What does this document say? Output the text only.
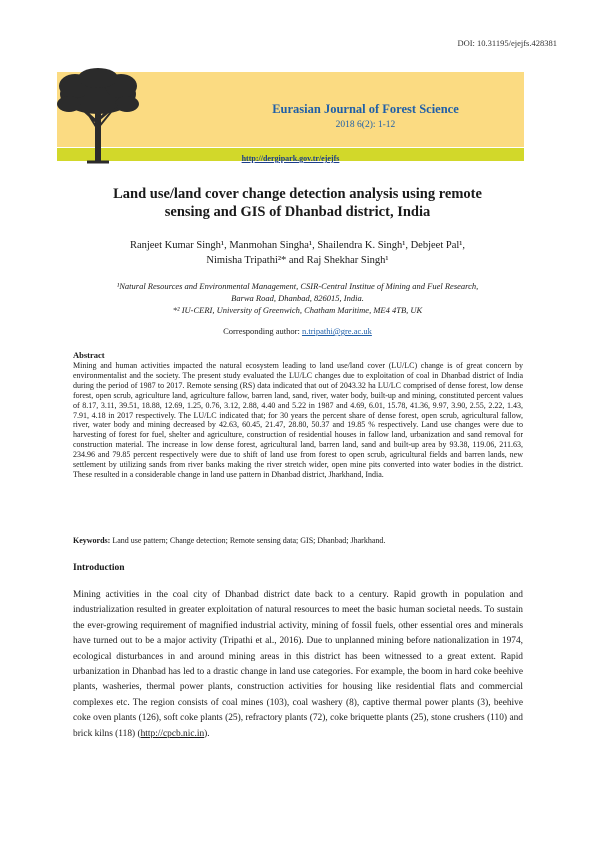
DOI: 10.31195/ejejfs.428381
Eurasian Journal of Forest Science
2018 6(2): 1-12
http://dergipark.gov.tr/ejejfs
Land use/land cover change detection analysis using remote
sensing and GIS of Dhanbad district, India
Ranjeet Kumar Singh¹, Manmohan Singha¹, Shailendra K. Singh¹, Debjeet Pal¹,
Nimisha Tripathi²* and Raj Shekhar Singh¹
¹Natural Resources and Environmental Management, CSIR-Central Institue of Mining and Fuel Research,
Barwa Road, Dhanbad, 826015, India.
*² IU-CERI, University of Greenwich, Chatham Maritime, ME4 4TB, UK
Corresponding author: n.tripathi@gre.ac.uk
Abstract
Mining and human activities impacted the natural ecosystem leading to land use/land cover (LU/LC) change is of great concern by environmentalist and the society. The present study evaluated the LU/LC changes due to exploitation of coal in Dhanbad district of India during the period of 1987 to 2017. Remote sensing (RS) data indicated that out of 2043.32 ha LU/LC comprised of dense forest, low dense forest, open scrub, agriculture land, agriculture fallow, barren land, sand, river, water body, built-up and mining, constituted percent values of 8.17, 3.11, 39.51, 18.88, 12.69, 1.25, 0.76, 3.12, 2.88, 4.40 and 5.22 in 1987 and 4.69, 6.01, 15.78, 41.36, 9.97, 3.90, 2.55, 2.22, 1.43, 7.91, 4.18 in 2017 respectively. The LU/LC indicated that; for 30 years the percent share of dense forest, open scrub, agricultural fallow, river, water body and mining decreased by 42.63, 60.45, 21.47, 28.80, 50.37 and 19.85 % respectively. Land use changes were due to harvesting of forest for fuel, shelter and agriculture, construction of residential houses in fallow land, urbanization and sand removal for construction material. The increase in low dense forest, agricultural land, barren land, sand and built-up area by 93.38, 119.06, 211.63, 234.96 and 79.85 percent respectively were due to shift of land use from forest to open scrub, agricultural fields and barren lands, new settlement by utilizing sands from river banks making the river stretch wider, open mine pits converted into water bodies in the district. These resulted in a considerable change in land use pattern in Dhanbad district, Jharkhand, India.
Keywords: Land use pattern; Change detection; Remote sensing data; GIS; Dhanbad; Jharkhand.
Introduction
Mining activities in the coal city of Dhanbad district date back to a century. Rapid growth in population and industrialization resulted in greater exploitation of natural resources to meet the basic human societal needs. To sustain the ever-growing requirement of magnified industrial activity, mining of fossil fuels, other essential ores and minerals have turned out to be a major activity (Tripathi et al., 2016). Due to unplanned mining before nationalization in 1974, ecological disturbances in and around mining areas in this district has been witnessed to a great extent. Rapid urbanization in Dhanbad has led to a drastic change in land use categories. For example, the boom in hard coke beehive plants, washeries, thermal power plants, construction activities for housing like residential flats and commercial complexes etc. The region consists of coal mines (103), coal washery (8), captive thermal power plants (3), beehive coke oven plants (126), soft coke plants (25), refractory plants (72), coke briquette plants (25), stone crushers (110) and brick kilns (118) (http://cpcb.nic.in).
